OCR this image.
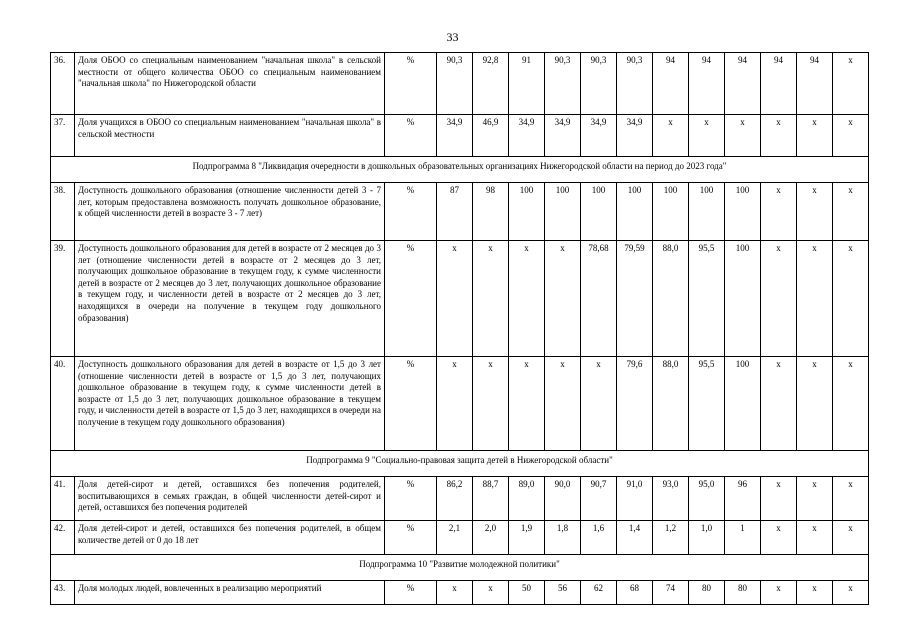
33
36.	Доля ОБОО со специальным наименованием "начальная школа" в сельской местности от общего количества ОБОО со специальным наименованием "начальная школа" по Нижегородской области	%	90,3	92,8	91	90,3	90,3	90,3	94	94	94	94	94	x
37.	Доля учащихся в ОБОО со специальным наименованием "начальная школа" в сельской местности	%	34,9	46,9	34,9	34,9	34,9	34,9	x	x	x	x	x	x
Подпрограмма 8 "Ликвидация очередности в дошкольных образовательных организациях Нижегородской области на период до 2023 года"														
38.	Доступность дошкольного образования (отношение численности детей 3 - 7 лет, которым предоставлена возможность получать дошкольное образование, к общей численности детей в возрасте 3 - 7 лет)	%	87	98	100	100	100	100	100	100	100	x	x	x
39.	Доступность дошкольного образования для детей в возрасте от 2 месяцев до 3 лет (отношение численности детей в возрасте от 2 месяцев до 3 лет, получающих дошкольное образование в текущем году, к сумме численности детей в возрасте от 2 месяцев до 3 лет, получающих дошкольное образование в текущем году, и численности детей в возрасте от 2 месяцев до 3 лет, находящихся в очереди на получение в текущем году дошкольного образования)	%	x	x	x	x	78,68	79,59	88,0	95,5	100	x	x	x
40.	Доступность дошкольного образования для детей в возрасте от 1,5 до 3 лет (отношение численности детей в возрасте от 1,5 до 3 лет, получающих дошкольное образование в текущем году, к сумме численности детей в возрасте от 1,5 до 3 лет, получающих дошкольное образование в текущем году, и численности детей в возрасте от 1,5 до 3 лет, находящихся в очереди на получение в текущем году дошкольного образования)	%	x	x	x	x	x	79,6	88,0	95,5	100	x	x	x
Подпрограмма 9 "Социально-правовая защита детей в Нижегородской области"														
41.	Доля детей-сирот и детей, оставшихся без попечения родителей, воспитывающихся в семьях граждан, в общей численности детей-сирот и детей, оставшихся без попечения родителей	%	86,2	88,7	89,0	90,0	90,7	91,0	93,0	95,0	96	x	x	x
42.	Доля детей-сирот и детей, оставшихся без попечения родителей, в общем количестве детей от 0 до 18 лет	%	2,1	2,0	1,9	1,8	1,6	1,4	1,2	1,0	1	x	x	x
Подпрограмма 10 "Развитие молодежной политики"														
43.	Доля молодых людей, вовлеченных в реализацию мероприятий	%	x	x	50	56	62	68	74	80	80	x	x	x
